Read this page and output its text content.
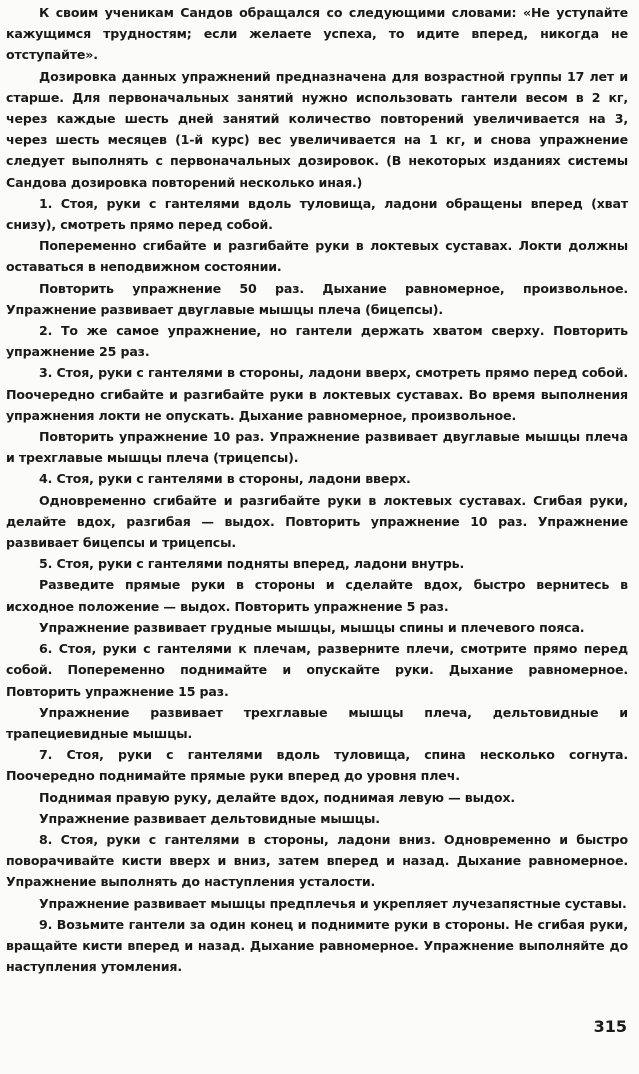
К своим ученикам Сандов обращался со следующими словами: «Не уступайте кажущимся трудностям; если желаете успеха, то идите вперед, никогда не отступайте».

Дозировка данных упражнений предназначена для возрастной группы 17 лет и старше. Для первоначальных занятий нужно использовать гантели весом в 2 кг, через каждые шесть дней занятий количество повторений увеличивается на 3, через шесть месяцев (1-й курс) вес увеличивается на 1 кг, и снова упражнение следует выполнять с первоначальных дозировок. (В некоторых изданиях системы Сандова дозировка повторений несколько иная.)

1. Стоя, руки с гантелями вдоль туловища, ладони обращены вперед (хват снизу), смотреть прямо перед собой.

Попеременно сгибайте и разгибайте руки в локтевых суставах. Локти должны оставаться в неподвижном состоянии.

Повторить упражнение 50 раз. Дыхание равномерное, произвольное. Упражнение развивает двуглавые мышцы плеча (бицепсы).

2. То же самое упражнение, но гантели держать хватом сверху. Повторить упражнение 25 раз.

3. Стоя, руки с гантелями в стороны, ладони вверх, смотреть прямо перед собой. Поочередно сгибайте и разгибайте руки в локтевых суставах. Во время выполнения упражнения локти не опускать. Дыхание равномерное, произвольное.

Повторить упражнение 10 раз. Упражнение развивает двуглавые мышцы плеча и трехглавые мышцы плеча (трицепсы).

4. Стоя, руки с гантелями в стороны, ладони вверх.

Одновременно сгибайте и разгибайте руки в локтевых суставах. Сгибая руки, делайте вдох, разгибая — выдох. Повторить упражнение 10 раз. Упражнение развивает бицепсы и трицепсы.

5. Стоя, руки с гантелями подняты вперед, ладони внутрь.

Разведите прямые руки в стороны и сделайте вдох, быстро вернитесь в исходное положение — выдох. Повторить упражнение 5 раз.

Упражнение развивает грудные мышцы, мышцы спины и плечевого пояса.

6. Стоя, руки с гантелями к плечам, разверните плечи, смотрите прямо перед собой. Попеременно поднимайте и опускайте руки. Дыхание равномерное. Повторить упражнение 15 раз.

Упражнение развивает трехглавые мышцы плеча, дельтовидные и трапециевидные мышцы.

7. Стоя, руки с гантелями вдоль туловища, спина несколько согнута. Поочередно поднимайте прямые руки вперед до уровня плеч.

Поднимая правую руку, делайте вдох, поднимая левую — выдох.

Упражнение развивает дельтовидные мышцы.

8. Стоя, руки с гантелями в стороны, ладони вниз. Одновременно и быстро поворачивайте кисти вверх и вниз, затем вперед и назад. Дыхание равномерное. Упражнение выполнять до наступления усталости.

Упражнение развивает мышцы предплечья и укрепляет лучезапястные суставы.

9. Возьмите гантели за один конец и поднимите руки в стороны. Не сгибая руки, вращайте кисти вперед и назад. Дыхание равномерное. Упражнение выполняйте до наступления утомления.

315
